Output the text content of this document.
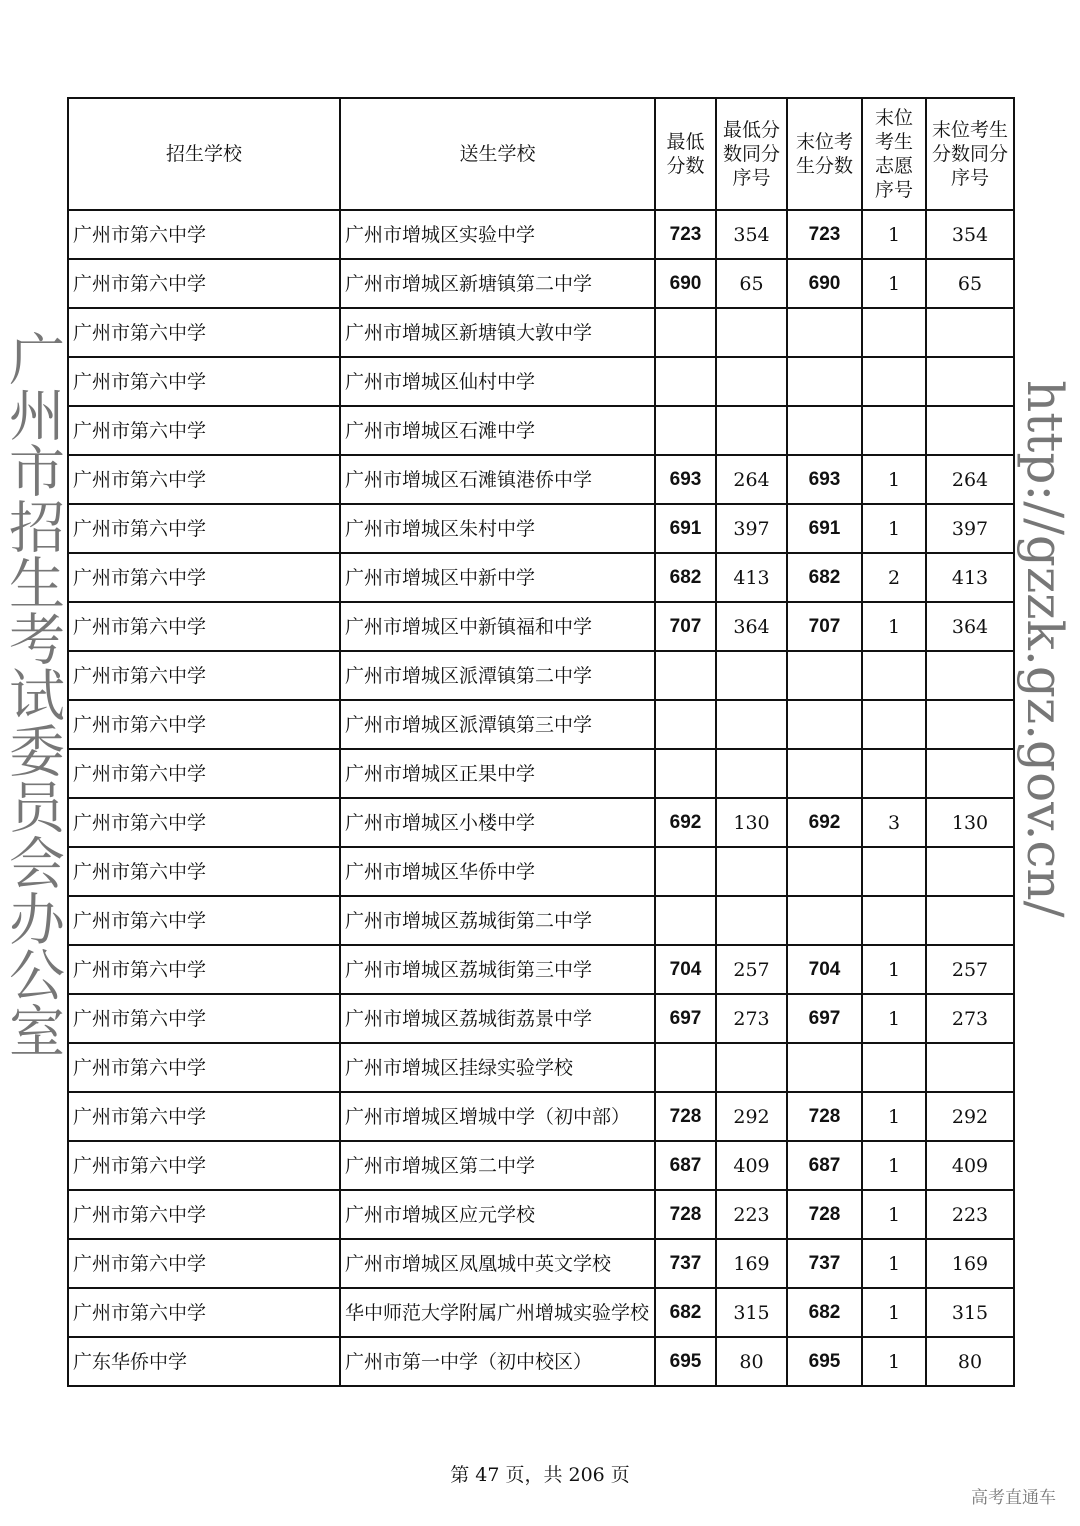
广州市招生考试委员会办公室	http://gzzk.gz.gov.cn/
招生学校	送生学校	最低分数	最低分数同分序号	末位考生分数	末位考生志愿序号	末位考生分数同分序号
广州市第六中学	广州市增城区实验中学	723	354	723	1	354
广州市第六中学	广州市增城区新塘镇第二中学	690	65	690	1	65
广州市第六中学	广州市增城区新塘镇大敦中学					
广州市第六中学	广州市增城区仙村中学					
广州市第六中学	广州市增城区石滩中学					
广州市第六中学	广州市增城区石滩镇港侨中学	693	264	693	1	264
广州市第六中学	广州市增城区朱村中学	691	397	691	1	397
广州市第六中学	广州市增城区中新中学	682	413	682	2	413
广州市第六中学	广州市增城区中新镇福和中学	707	364	707	1	364
广州市第六中学	广州市增城区派潭镇第二中学					
广州市第六中学	广州市增城区派潭镇第三中学					
广州市第六中学	广州市增城区正果中学					
广州市第六中学	广州市增城区小楼中学	692	130	692	3	130
广州市第六中学	广州市增城区华侨中学					
广州市第六中学	广州市增城区荔城街第二中学					
广州市第六中学	广州市增城区荔城街第三中学	704	257	704	1	257
广州市第六中学	广州市增城区荔城街荔景中学	697	273	697	1	273
广州市第六中学	广州市增城区挂绿实验学校					
广州市第六中学	广州市增城区增城中学（初中部）	728	292	728	1	292
广州市第六中学	广州市增城区第二中学	687	409	687	1	409
广州市第六中学	广州市增城区应元学校	728	223	728	1	223
广州市第六中学	广州市增城区凤凰城中英文学校	737	169	737	1	169
广州市第六中学	华中师范大学附属广州增城实验学校	682	315	682	1	315
广东华侨中学	广州市第一中学（初中校区）	695	80	695	1	80
第 47 页，共 206 页
高考直通车
